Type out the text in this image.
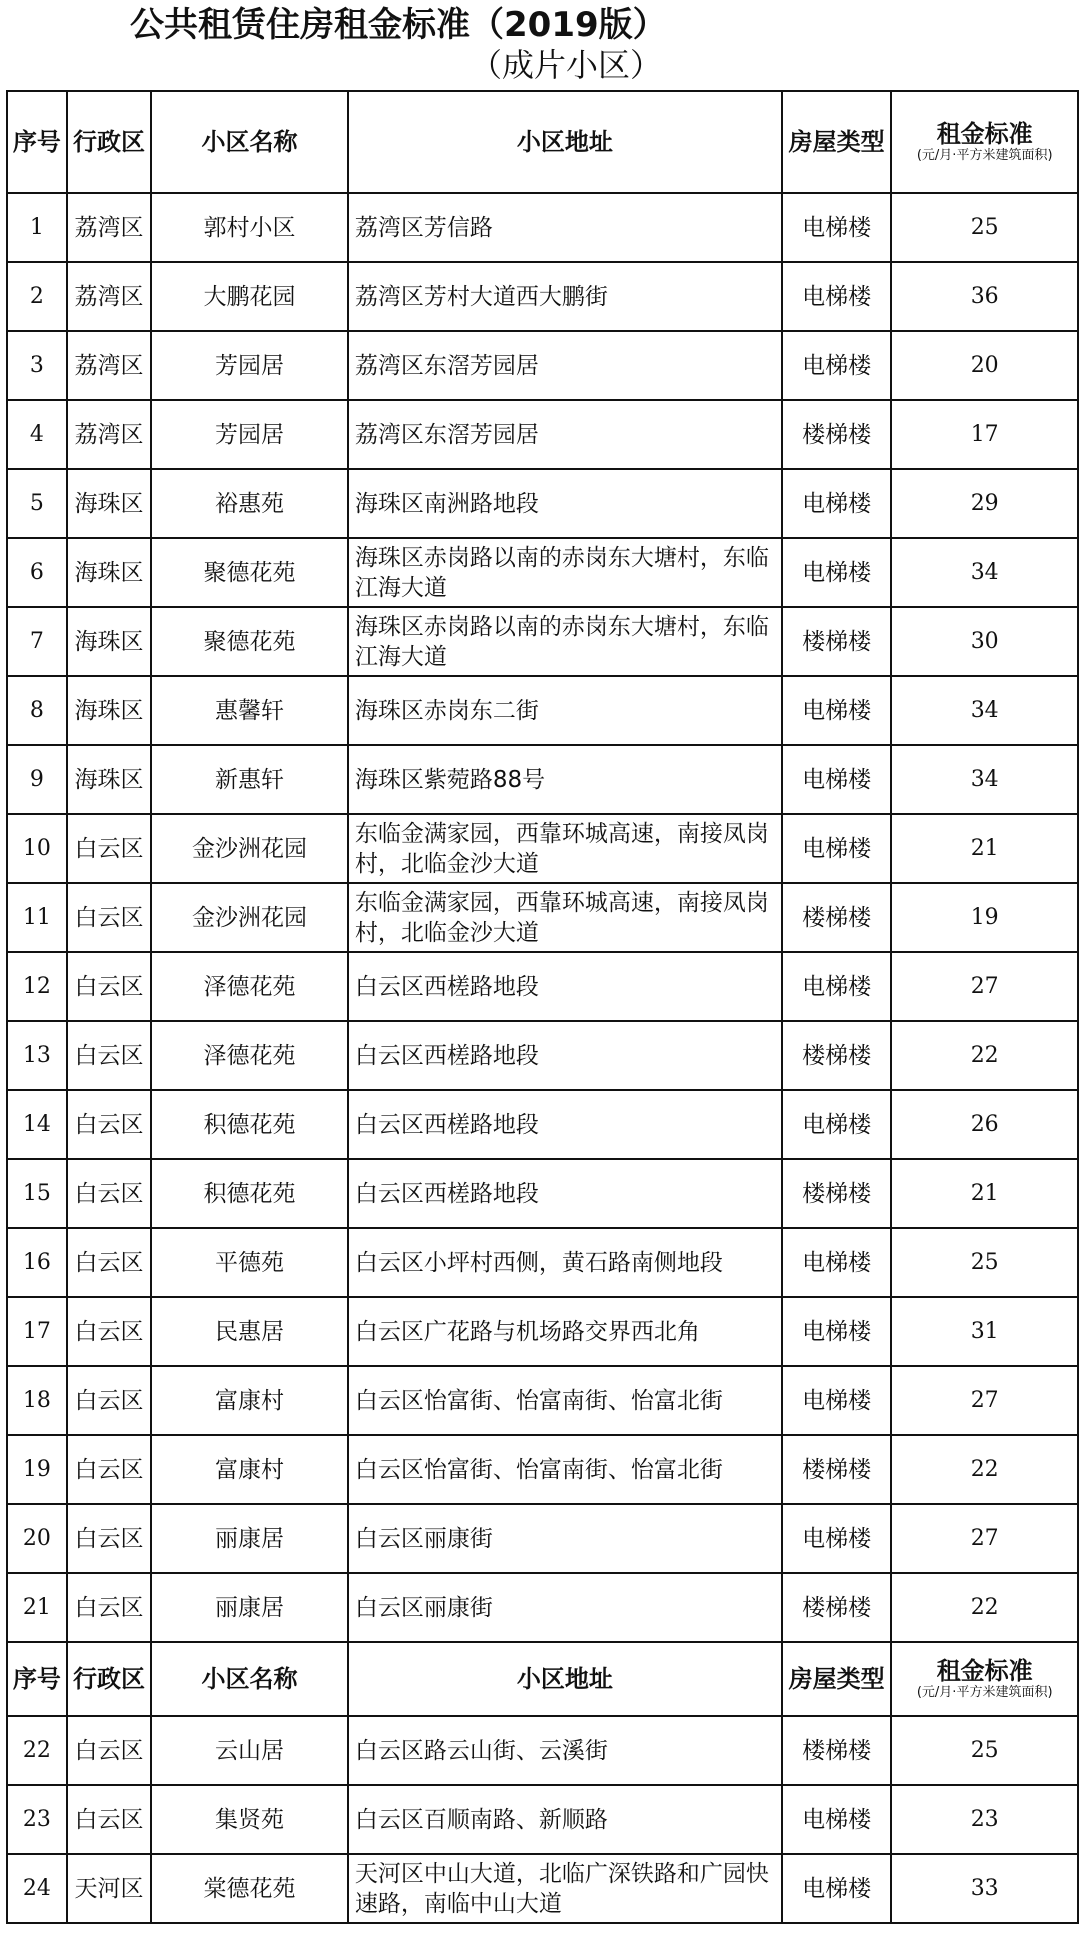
公共租赁住房租金标准（2019版）
（成片小区）
序号	行政区	小区名称	小区地址	房屋类型	租金标准
(元/月·平方米建筑面积)

1	荔湾区	郭村小区	荔湾区芳信路	电梯楼	25
2	荔湾区	大鹏花园	荔湾区芳村大道西大鹏街	电梯楼	36
3	荔湾区	芳园居	荔湾区东滘芳园居	电梯楼	20
4	荔湾区	芳园居	荔湾区东滘芳园居	楼梯楼	17
5	海珠区	裕惠苑	海珠区南洲路地段	电梯楼	29
6	海珠区	聚德花苑	海珠区赤岗路以南的赤岗东大塘村，东临江海大道	电梯楼	34
7	海珠区	聚德花苑	海珠区赤岗路以南的赤岗东大塘村，东临江海大道	楼梯楼	30
8	海珠区	惠馨轩	海珠区赤岗东二街	电梯楼	34
9	海珠区	新惠轩	海珠区紫菀路88号	电梯楼	34
10	白云区	金沙洲花园	东临金满家园，西靠环城高速，南接凤岗村，北临金沙大道	电梯楼	21
11	白云区	金沙洲花园	东临金满家园，西靠环城高速，南接凤岗村，北临金沙大道	楼梯楼	19
12	白云区	泽德花苑	白云区西槎路地段	电梯楼	27
13	白云区	泽德花苑	白云区西槎路地段	楼梯楼	22
14	白云区	积德花苑	白云区西槎路地段	电梯楼	26
15	白云区	积德花苑	白云区西槎路地段	楼梯楼	21
16	白云区	平德苑	白云区小坪村西侧，黄石路南侧地段	电梯楼	25
17	白云区	民惠居	白云区广花路与机场路交界西北角	电梯楼	31
18	白云区	富康村	白云区怡富街、怡富南街、怡富北街	电梯楼	27
19	白云区	富康村	白云区怡富街、怡富南街、怡富北街	楼梯楼	22
20	白云区	丽康居	白云区丽康街	电梯楼	27
21	白云区	丽康居	白云区丽康街	楼梯楼	22
序号	行政区	小区名称	小区地址	房屋类型	租金标准
(元/月·平方米建筑面积)

22	白云区	云山居	白云区路云山街、云溪街	楼梯楼	25
23	白云区	集贤苑	白云区百顺南路、新顺路	电梯楼	23
24	天河区	棠德花苑	天河区中山大道，北临广深铁路和广园快速路，南临中山大道	电梯楼	33
